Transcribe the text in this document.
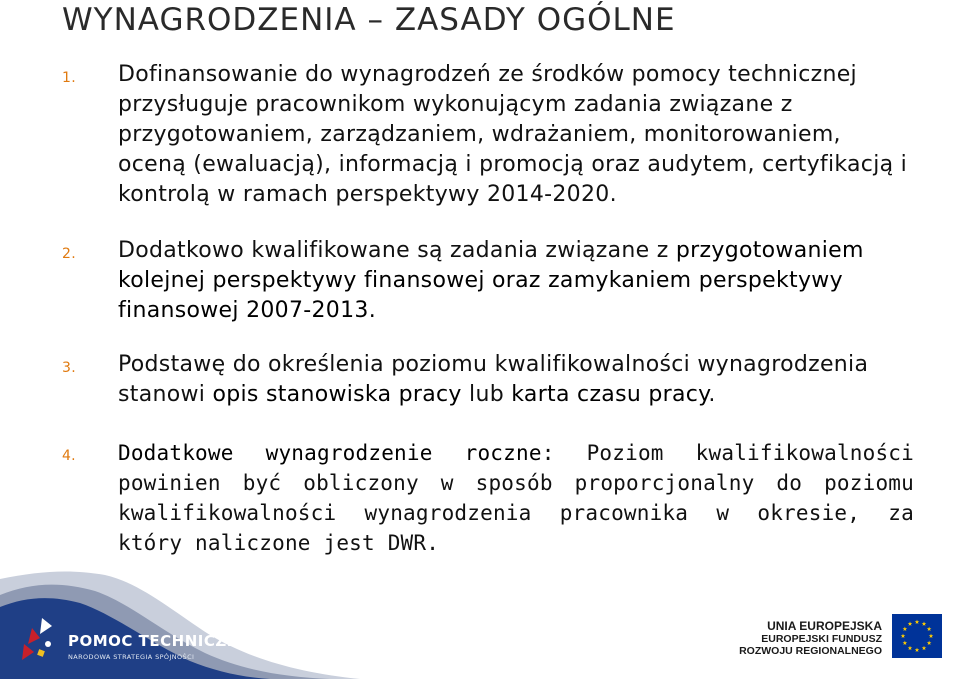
WYNAGRODZENIA – ZASADY OGÓLNE
1.	Dofinansowanie do wynagrodzeń ze środków pomocy technicznej przysługuje pracownikom wykonującym zadania związane z przygotowaniem, zarządzaniem, wdrażaniem, monitorowaniem, oceną (ewaluacją), informacją i promocją oraz audytem, certyfikacją i kontrolą w ramach perspektywy 2014-2020.
2.	Dodatkowo kwalifikowane są zadania związane z przygotowaniem kolejnej perspektywy finansowej oraz zamykaniem perspektywy finansowej 2007-2013.
3.	Podstawę do określenia poziomu kwalifikowalności wynagrodzenia stanowi opis stanowiska pracy lub karta czasu pracy.
4.	Dodatkowe wynagrodzenie roczne: Poziom kwalifikowalności powinien być obliczony w sposób proporcjonalny do poziomu kwalifikowalności wynagrodzenia pracownika w okresie, za który naliczone jest DWR.
POMOC TECHNICZNA
NARODOWA STRATEGIA SPÓJNOŚCI
UNIA EUROPEJSKA
EUROPEJSKI FUNDUSZ
ROZWOJU REGIONALNEGO
